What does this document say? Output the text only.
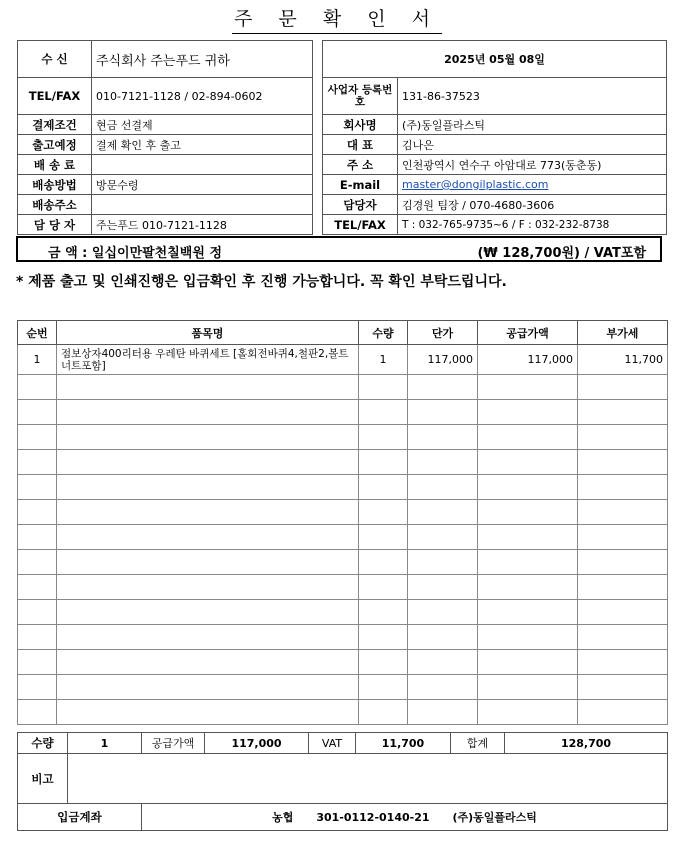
주 문 확 인 서
수 신	주식회사 주는푸드 귀하
TEL/FAX	010-7121-1128 / 02-894-0602
결제조건	현금 선결제
출고예정	결제 확인 후 출고
배 송 료	
배송방법	방문수령
배송주소	
담 당 자	주는푸드 010-7121-1128
2025년 05월 08일	
사업자 등록번호	131-86-37523
회사명	(주)동일플라스틱
대 표	김나은
주 소	인천광역시 연수구 아암대로 773(동춘동)
E-mail	master@dongilplastic.com
담당자	김경원 팀장 / 070-4680-3606
TEL/FAX	T : 032-765-9735~6 / F : 032-232-8738
금 액 : 일십이만팔천칠백원 정	(₩ 128,700원) / VAT포함
* 제품 출고 및 인쇄진행은 입금확인 후 진행 가능합니다. 꼭 확인 부탁드립니다.
순번	품목명	수량	단가	공급가액	부가세
1	점보상자400리터용 우레탄 바퀴세트 [홀회전바퀴4,철판2,볼트너트포함]	1	117,000	117,000	11,700

수량	1	공급가액	117,000	VAT	11,700	합계	128,700
비고							
입금계좌		농협 301-0112-0140-21 (주)동일플라스틱					
